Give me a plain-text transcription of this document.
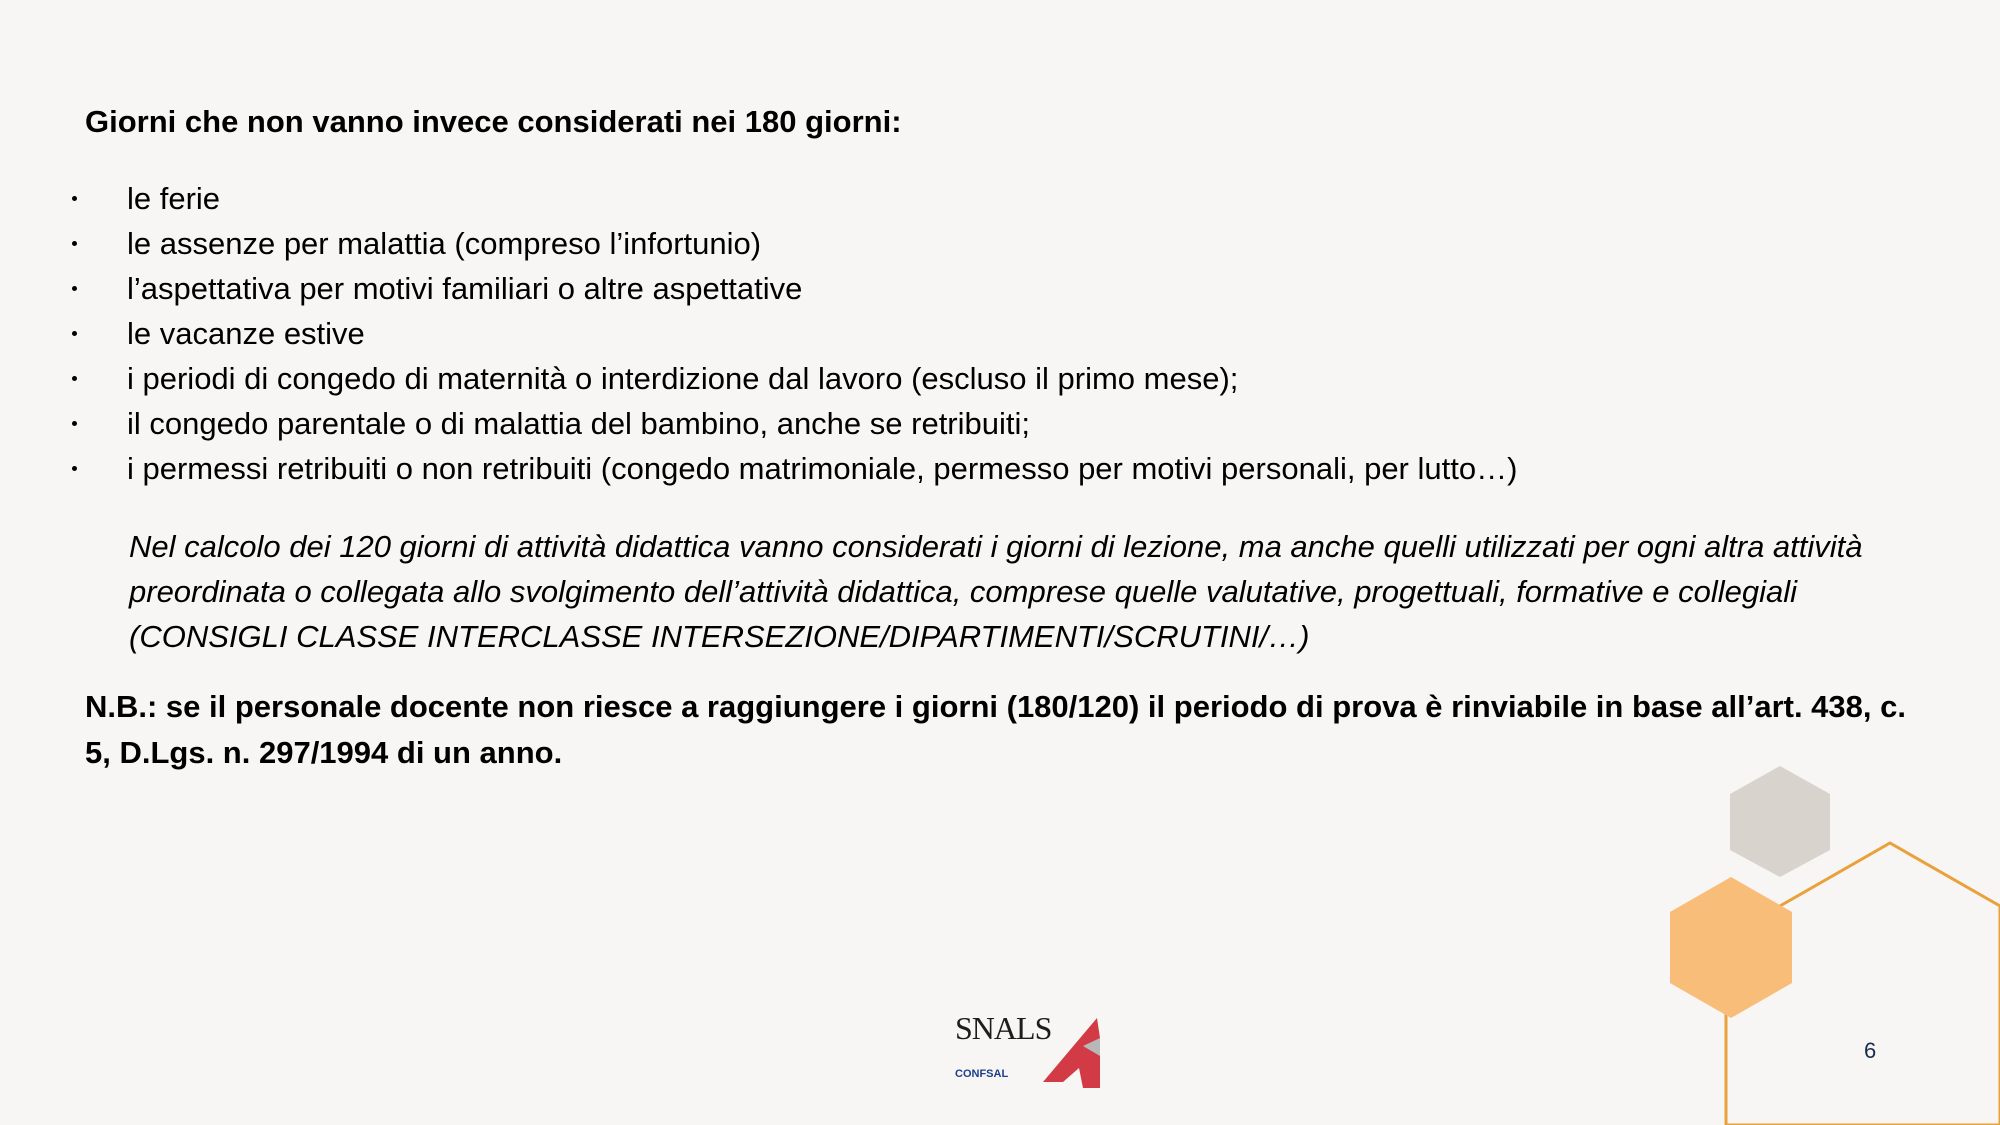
Giorni che non vanno invece considerati nei 180 giorni:
le ferie
le assenze per malattia (compreso l’infortunio)
l’aspettativa per motivi familiari o altre aspettative
le vacanze estive
i periodi di congedo di maternità o interdizione dal lavoro (escluso il primo mese);
il congedo parentale o di malattia del bambino, anche se retribuiti;
i permessi retribuiti o non retribuiti (congedo matrimoniale, permesso per motivi personali, per lutto…)

Nel calcolo dei 120 giorni di attività didattica vanno considerati i giorni di lezione, ma anche quelli utilizzati per ogni altra attività preordinata o collegata allo svolgimento dell’attività didattica, comprese quelle valutative, progettuali, formative e collegiali (CONSIGLI CLASSE INTERCLASSE INTERSEZIONE/DIPARTIMENTI/SCRUTINI/…)

N.B.: se il personale docente non riesce a raggiungere i giorni (180/120) il periodo di prova è rinviabile in base all’art. 438, c. 5, D.Lgs. n. 297/1994 di un anno.

SNALS
CONFSAL
6
